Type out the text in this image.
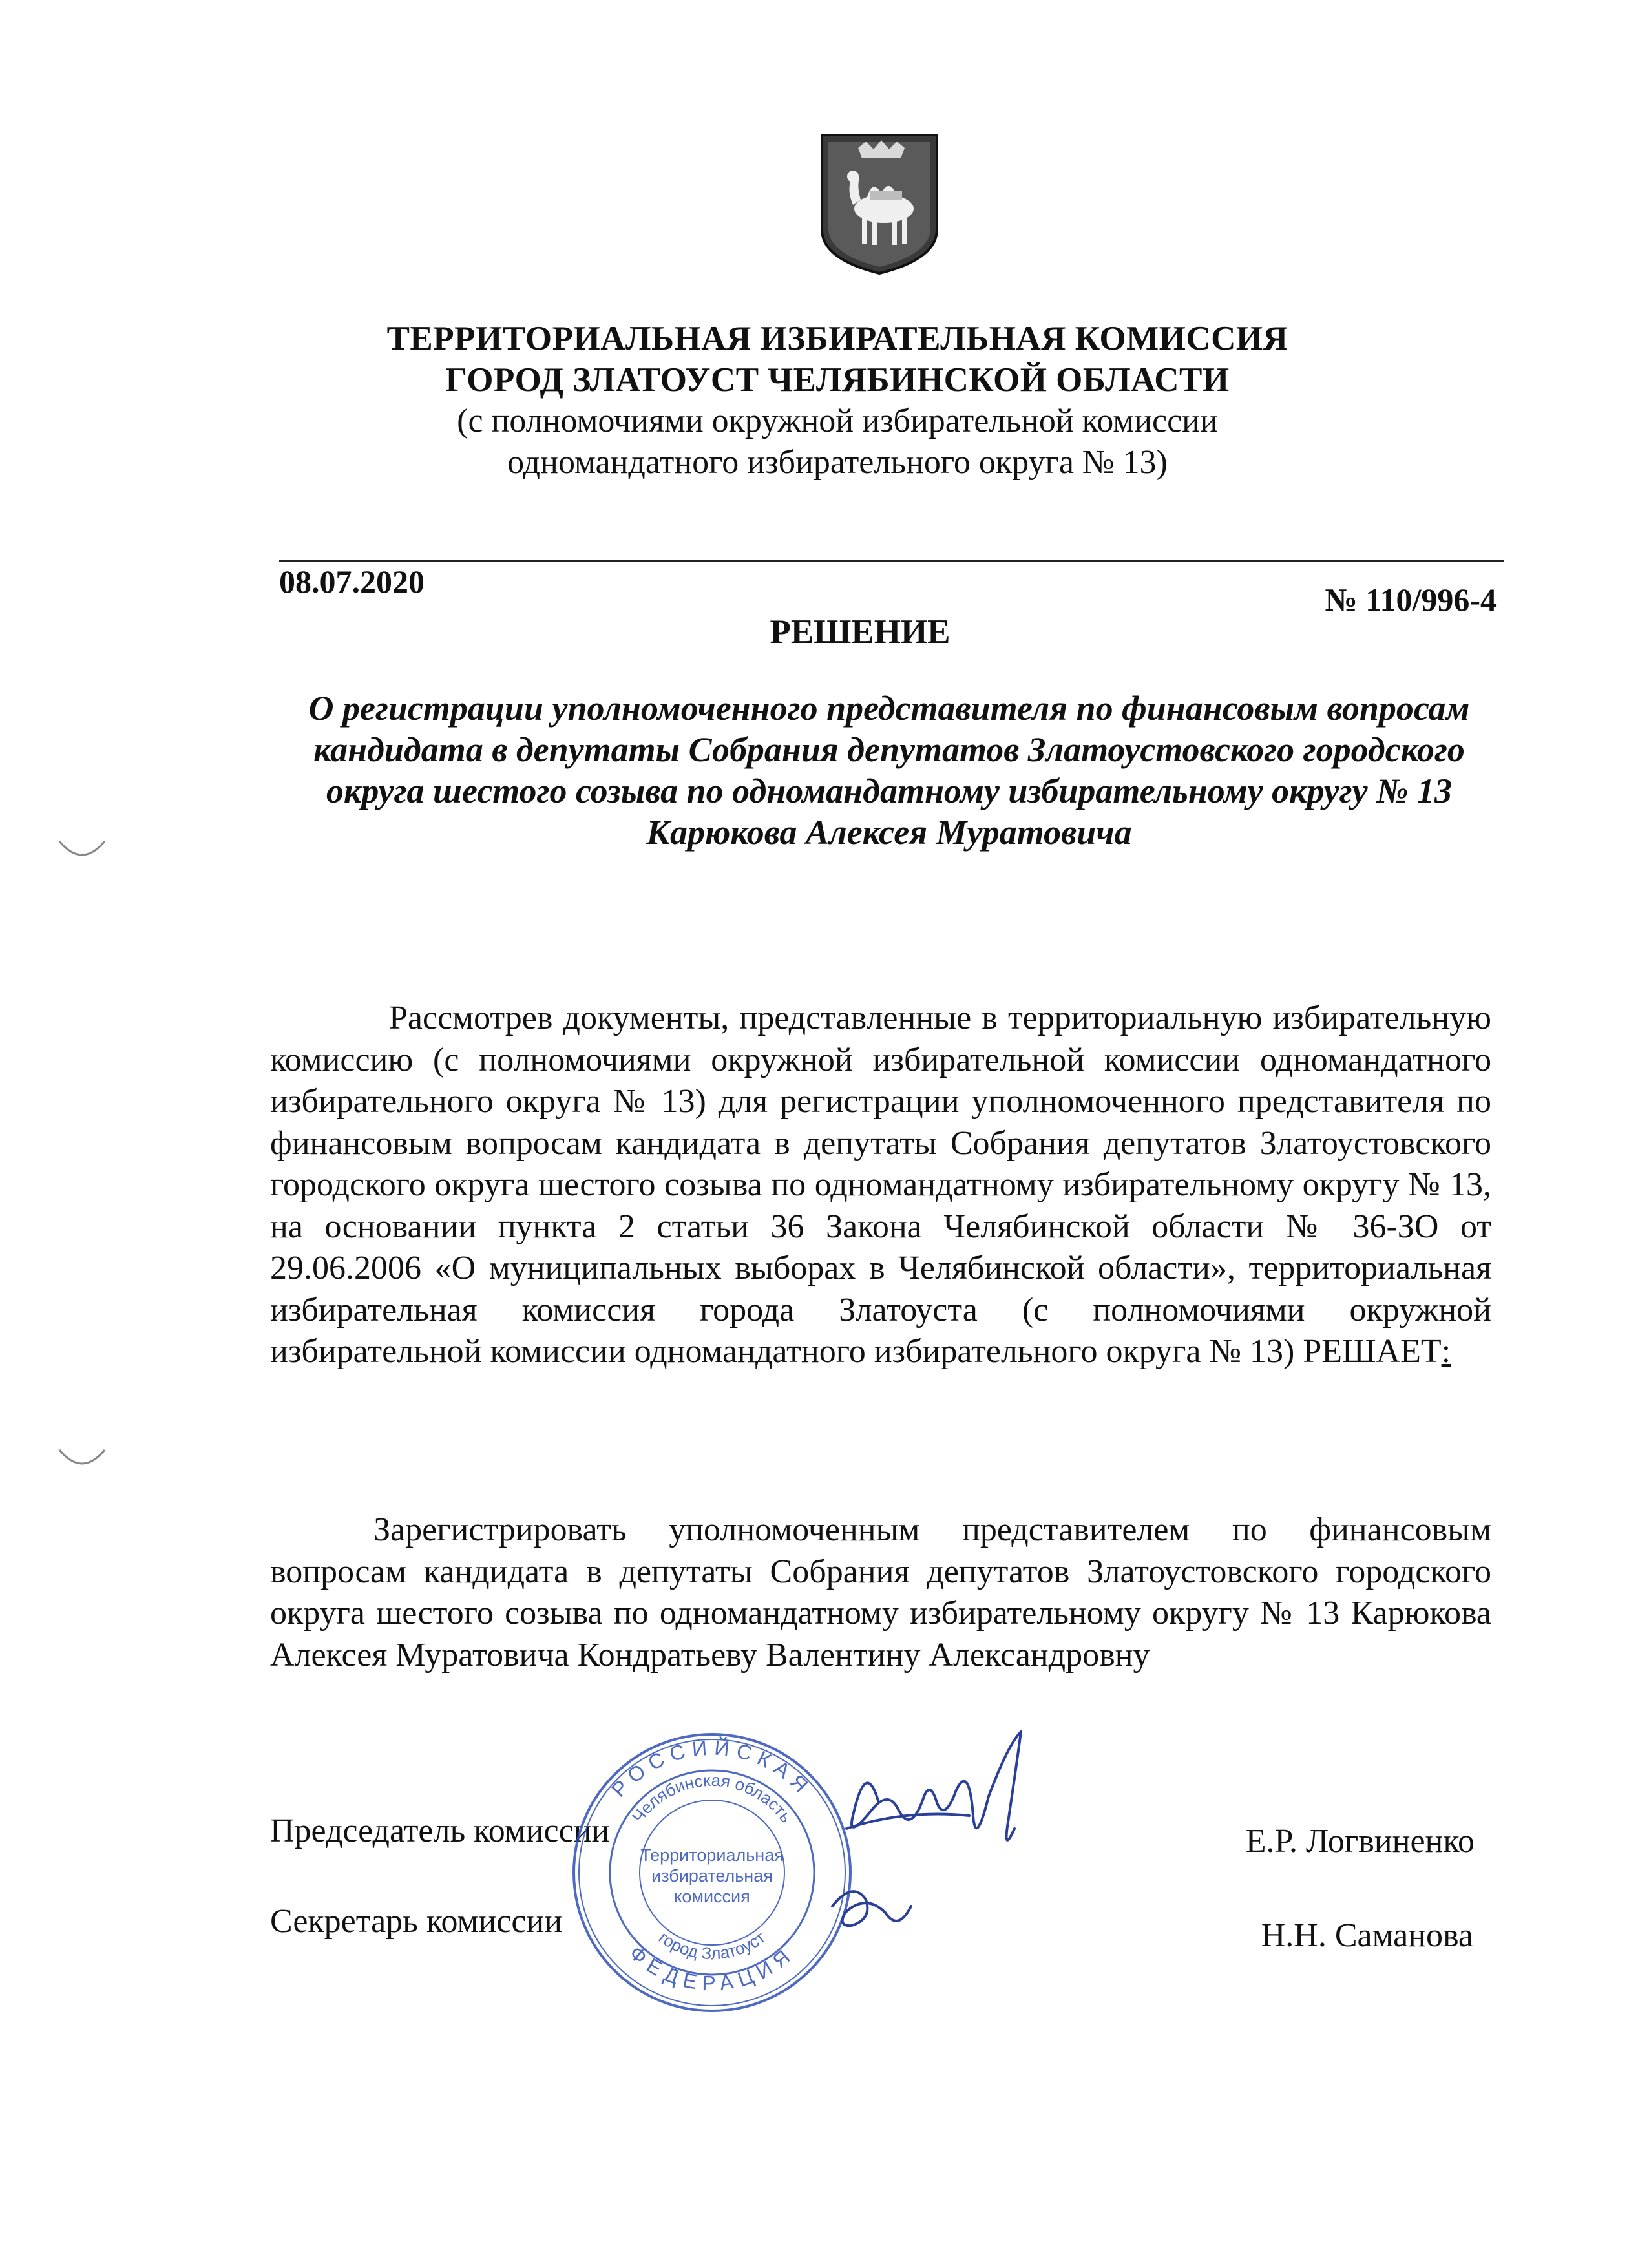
ТЕРРИТОРИАЛЬНАЯ ИЗБИРАТЕЛЬНАЯ КОМИССИЯ
ГОРОД ЗЛАТОУСТ ЧЕЛЯБИНСКОЙ ОБЛАСТИ
(с полномочиями окружной избирательной комиссии
одномандатного избирательного округа № 13)
08.07.2020	№ 110/996-4
РЕШЕНИЕ
О регистрации уполномоченного представителя по финансовым вопросам кандидата в депутаты Собрания депутатов Златоустовского городского округа шестого созыва по одномандатному избирательному округу № 13 Карюкова Алексея Муратовича
Рассмотрев документы, представленные в территориальную избирательную комиссию (с полномочиями окружной избирательной комиссии одномандатного избирательного округа № 13) для регистрации уполномоченного представителя по финансовым вопросам кандидата в депутаты Собрания депутатов Златоустовского городского округа шестого созыва по одномандатному избирательному округу № 13, на основании пункта 2 статьи 36 Закона Челябинской области № 36-ЗО от 29.06.2006 «О муниципальных выборах в Челябинской области», территориальная избирательная комиссия города Златоуста (с полномочиями окружной избирательной комиссии одномандатного избирательного округа № 13) РЕШАЕТ:
Зарегистрировать уполномоченным представителем по финансовым вопросам кандидата в депутаты Собрания депутатов Златоустовского городского округа шестого созыва по одномандатному избирательному округу № 13 Карюкова Алексея Муратовича Кондратьеву Валентину Александровну
Председатель комиссии	Е.Р. Логвиненко
Секретарь комиссии	Н.Н. Саманова
РОССИЙСКАЯ
ФЕДЕРАЦИЯ
Челябинская область
город Златоуст
Территориальная
избирательная
комиссия
